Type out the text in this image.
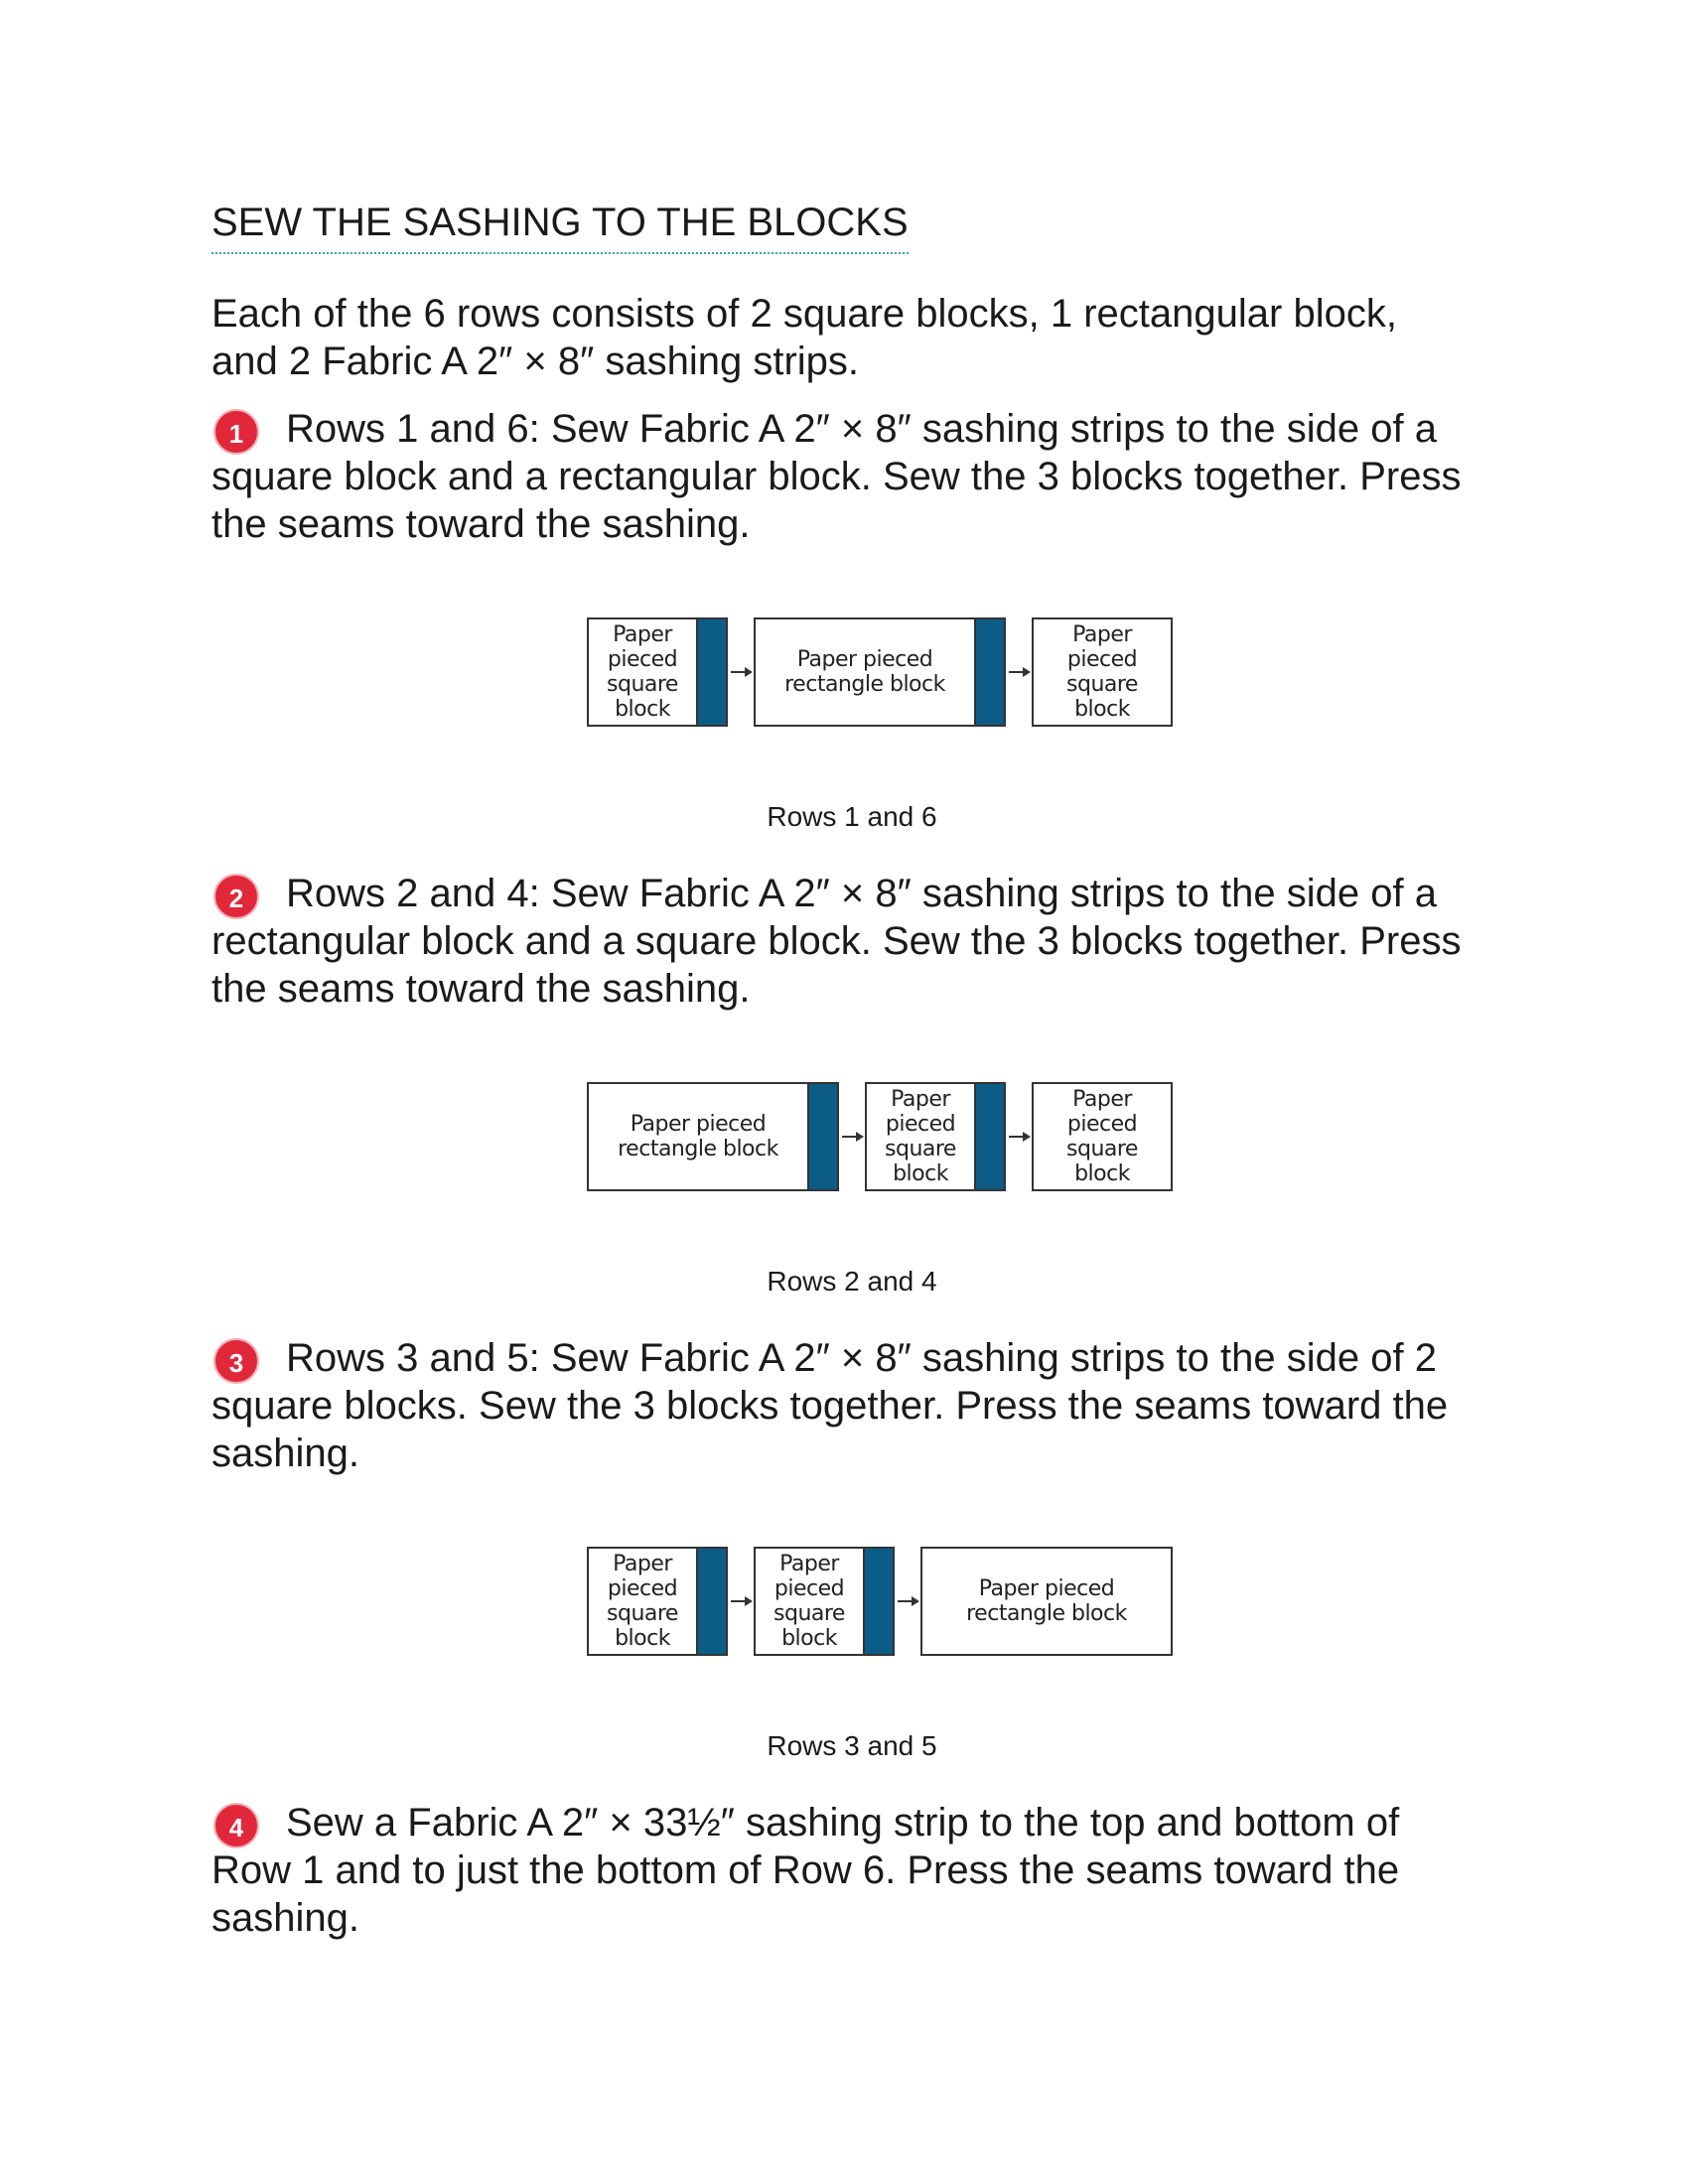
SEW THE SASHING TO THE BLOCKS

Each of the 6 rows consists of 2 square blocks, 1 rectangular block, and 2 Fabric A 2″ × 8″ sashing strips.

1	Rows 1 and 6: Sew Fabric A 2″ × 8″ sashing strips to the side of a square block and a rectangular block. Sew the 3 blocks together. Press the seams toward the sashing.

Paper
pieced
square
block
Paper pieced
rectangle block
Paper
pieced
square
block

Rows 1 and 6

2	Rows 2 and 4: Sew Fabric A 2″ × 8″ sashing strips to the side of a rectangular block and a square block. Sew the 3 blocks together. Press the seams toward the sashing.

Paper pieced
rectangle block
Paper
pieced
square
block
Paper
pieced
square
block

Rows 2 and 4

3	Rows 3 and 5: Sew Fabric A 2″ × 8″ sashing strips to the side of 2 square blocks. Sew the 3 blocks together. Press the seams toward the sashing.

Paper
pieced
square
block
Paper
pieced
square
block
Paper pieced
rectangle block

Rows 3 and 5

4	Sew a Fabric A 2″ × 33½″ sashing strip to the top and bottom of Row 1 and to just the bottom of Row 6. Press the seams toward the sashing.
